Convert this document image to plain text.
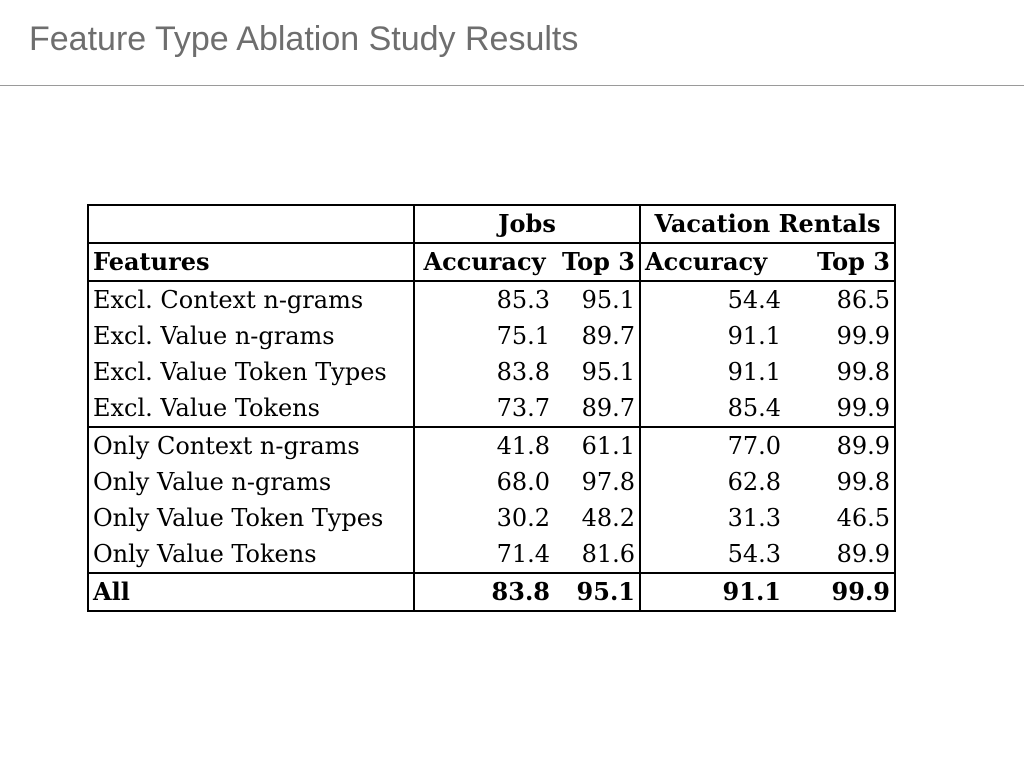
Feature Type Ablation Study Results
	Jobs		Vacation Rentals	
Features	Accuracy	Top 3	Accuracy	Top 3
Excl. Context n-grams	85.3	95.1	54.4	86.5
Excl. Value n-grams	75.1	89.7	91.1	99.9
Excl. Value Token Types	83.8	95.1	91.1	99.8
Excl. Value Tokens	73.7	89.7	85.4	99.9
Only Context n-grams	41.8	61.1	77.0	89.9
Only Value n-grams	68.0	97.8	62.8	99.8
Only Value Token Types	30.2	48.2	31.3	46.5
Only Value Tokens	71.4	81.6	54.3	89.9
All	83.8	95.1	91.1	99.9
